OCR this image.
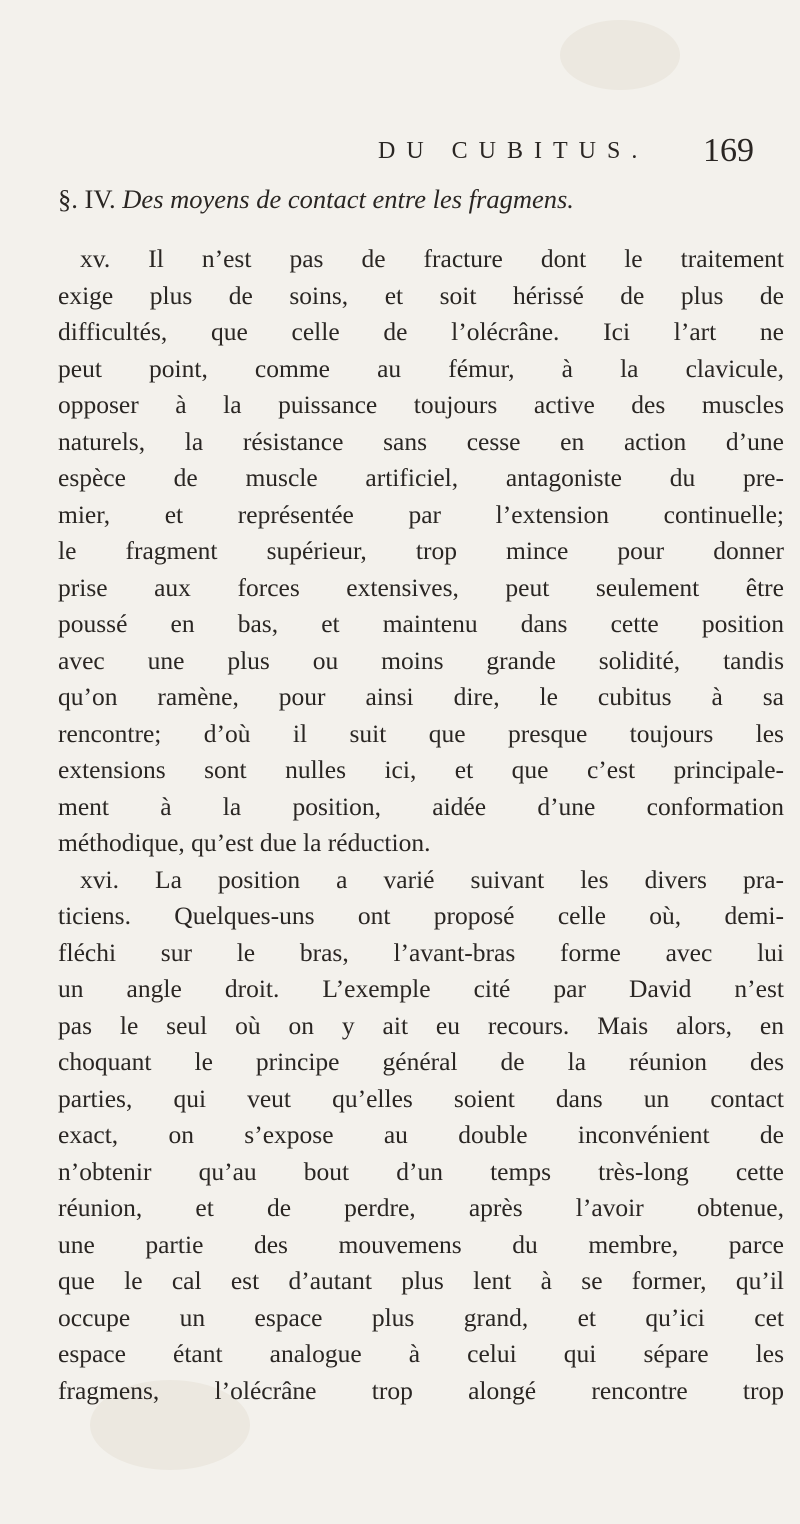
DU CUBITUS. 169
§. IV. Des moyens de contact entre les fragmens.
xv. Il n’est pas de fracture dont le traitement
exige plus de soins, et soit hérissé de plus de
difficultés, que celle de l’olécrâne. Ici l’art ne
peut point, comme au fémur, à la clavicule,
opposer à la puissance toujours active des muscles
naturels, la résistance sans cesse en action d’une
espèce de muscle artificiel, antagoniste du pre-
mier, et représentée par l’extension continuelle;
le fragment supérieur, trop mince pour donner
prise aux forces extensives, peut seulement être
poussé en bas, et maintenu dans cette position
avec une plus ou moins grande solidité, tandis
qu’on ramène, pour ainsi dire, le cubitus à sa
rencontre; d’où il suit que presque toujours les
extensions sont nulles ici, et que c’est principale-
ment à la position, aidée d’une conformation
méthodique, qu’est due la réduction.
xvi. La position a varié suivant les divers pra-
ticiens. Quelques-uns ont proposé celle où, demi-
fléchi sur le bras, l’avant-bras forme avec lui
un angle droit. L’exemple cité par David n’est
pas le seul où on y ait eu recours. Mais alors, en
choquant le principe général de la réunion des
parties, qui veut qu’elles soient dans un contact
exact, on s’expose au double inconvénient de
n’obtenir qu’au bout d’un temps très-long cette
réunion, et de perdre, après l’avoir obtenue,
une partie des mouvemens du membre, parce
que le cal est d’autant plus lent à se former, qu’il
occupe un espace plus grand, et qu’ici cet
espace étant analogue à celui qui sépare les
fragmens, l’olécrâne trop alongé rencontre trop
